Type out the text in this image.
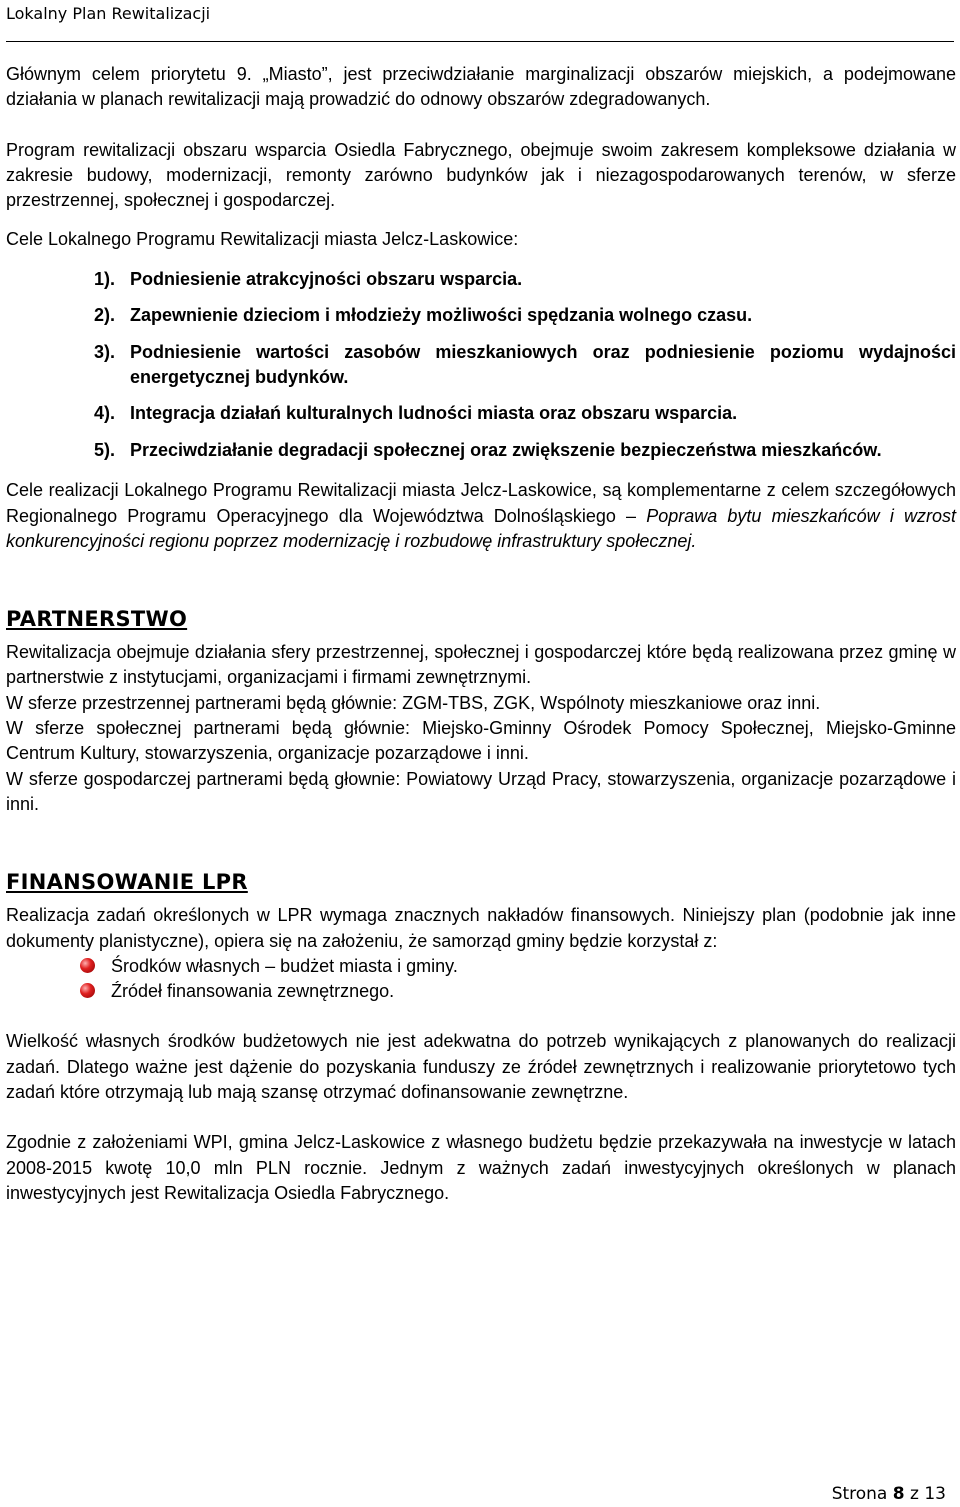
Lokalny Plan Rewitalizacji

Głównym celem priorytetu 9. „Miasto”, jest przeciwdziałanie marginalizacji obszarów miejskich, a podejmowane działania w planach rewitalizacji mają prowadzić do odnowy obszarów zdegradowanych.

Program rewitalizacji obszaru wsparcia Osiedla Fabrycznego, obejmuje swoim zakresem kompleksowe działania w zakresie budowy, modernizacji, remonty zarówno budynków jak i niezagospodarowanych terenów, w sferze przestrzennej, społecznej i gospodarczej.

Cele Lokalnego Programu Rewitalizacji miasta Jelcz-Laskowice:

1). Podniesienie atrakcyjności obszaru wsparcia.
2). Zapewnienie dzieciom i młodzieży możliwości spędzania wolnego czasu.
3). Podniesienie wartości zasobów mieszkaniowych oraz podniesienie poziomu wydajności energetycznej budynków.
4). Integracja działań kulturalnych ludności miasta oraz obszaru wsparcia.
5). Przeciwdziałanie degradacji społecznej oraz zwiększenie bezpieczeństwa mieszkańców.

Cele realizacji Lokalnego Programu Rewitalizacji miasta Jelcz-Laskowice, są komplementarne z celem szczegółowych Regionalnego Programu Operacyjnego dla Województwa Dolnośląskiego – Poprawa bytu mieszkańców i wzrost konkurencyjności regionu poprzez modernizację i rozbudowę infrastruktury społecznej.

PARTNERSTWO

Rewitalizacja obejmuje działania sfery przestrzennej, społecznej i gospodarczej które będą realizowana przez gminę w partnerstwie z instytucjami, organizacjami i firmami zewnętrznymi.

W sferze przestrzennej partnerami będą głównie: ZGM-TBS, ZGK, Wspólnoty mieszkaniowe oraz inni.

W sferze społecznej partnerami będą głównie: Miejsko-Gminny Ośrodek Pomocy Społecznej, Miejsko-Gminne Centrum Kultury, stowarzyszenia, organizacje pozarządowe i inni.

W sferze gospodarczej partnerami będą głownie: Powiatowy Urząd Pracy, stowarzyszenia, organizacje pozarządowe i inni.

FINANSOWANIE LPR

Realizacja zadań określonych w LPR wymaga znacznych nakładów finansowych. Niniejszy plan (podobnie jak inne dokumenty planistyczne), opiera się na założeniu, że samorząd gminy będzie korzystał z:

Środków własnych – budżet miasta i gminy.
Źródeł finansowania zewnętrznego.

Wielkość własnych środków budżetowych nie jest adekwatna do potrzeb wynikających z planowanych do realizacji zadań. Dlatego ważne jest dążenie do pozyskania funduszy ze źródeł zewnętrznych i realizowanie priorytetowo tych zadań które otrzymają lub mają szansę otrzymać dofinansowanie zewnętrzne.

Zgodnie z założeniami WPI, gmina Jelcz-Laskowice z własnego budżetu będzie przekazywała na inwestycje w latach 2008-2015 kwotę 10,0 mln PLN rocznie. Jednym z ważnych zadań inwestycyjnych określonych w planach inwestycyjnych jest Rewitalizacja Osiedla Fabrycznego.

Strona 8 z 13
